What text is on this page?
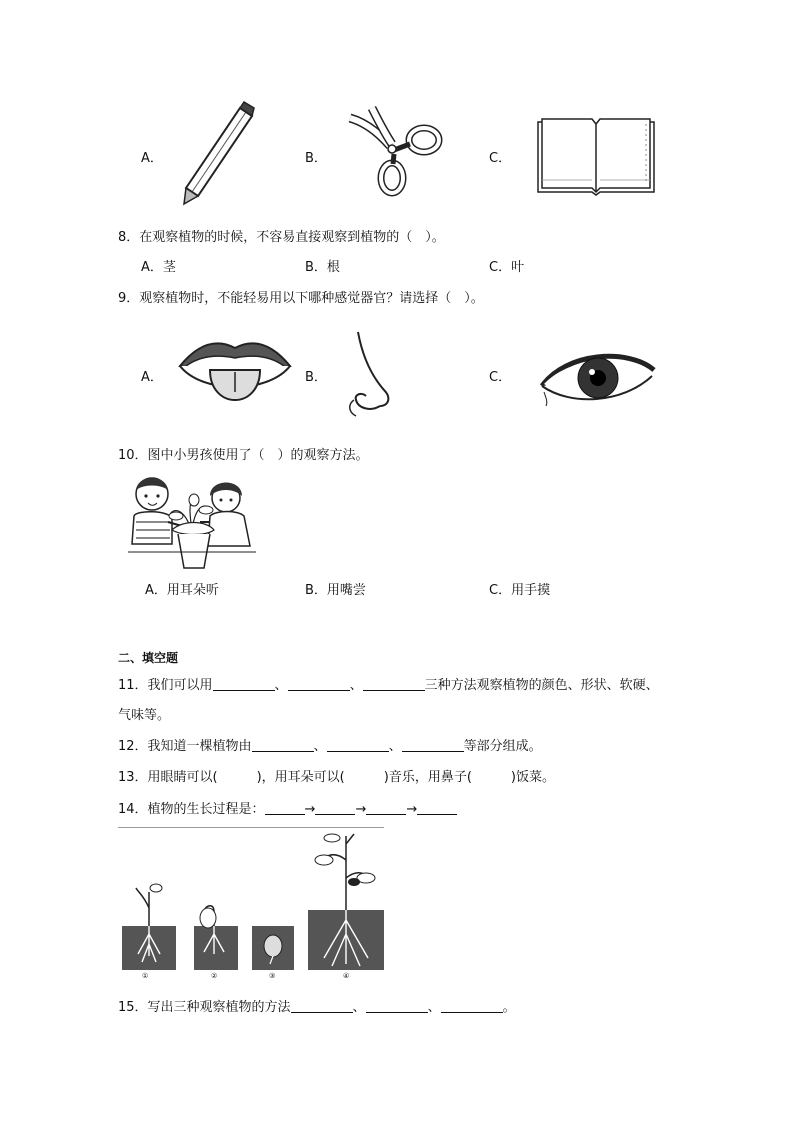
A．	B．	C．
8．在观察植物的时候，不容易直接观察到植物的（　）。
A．茎	B．根	C．叶
9．观察植物时，不能轻易用以下哪种感觉器官？请选择（　）。
A．	B．	C．
10．图中小男孩使用了（　）的观察方法。
A．用耳朵听	B．用嘴尝	C．用手摸
二、填空题
11．我们可以用	、	、	三种方法观察植物的颜色、形状、软硬、
气味等。
12．我知道一棵植物由	、	、	等部分组成。
13．用眼睛可以(　　　)，用耳朵可以(　　　)音乐，用鼻子(　　　)饭菜。
14．植物的生长过程是：	→	→	→
①	②	③	④
15．写出三种观察植物的方法	、	、	。
